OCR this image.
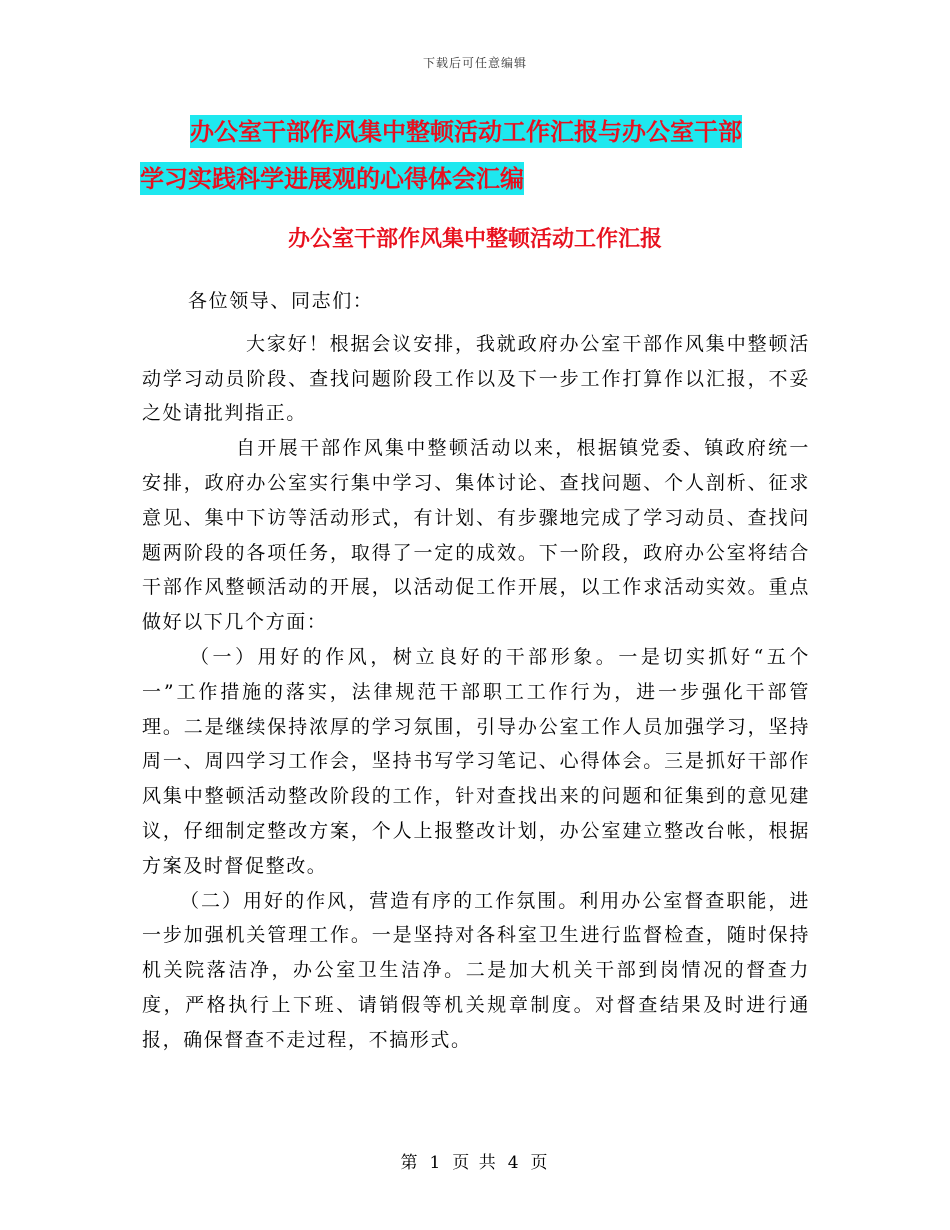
下载后可任意编辑
办公室干部作风集中整顿活动工作汇报与办公室干部
学习实践科学进展观的心得体会汇编
办公室干部作风集中整顿活动工作汇报

各位领导、同志们：

大家好！根据会议安排，我就政府办公室干部作风集中整顿活动学习动员阶段、查找问题阶段工作以及下一步工作打算作以汇报，不妥之处请批判指正。

自开展干部作风集中整顿活动以来，根据镇党委、镇政府统一安排，政府办公室实行集中学习、集体讨论、查找问题、个人剖析、征求意见、集中下访等活动形式，有计划、有步骤地完成了学习动员、查找问题两阶段的各项任务，取得了一定的成效。下一阶段，政府办公室将结合干部作风整顿活动的开展，以活动促工作开展，以工作求活动实效。重点做好以下几个方面：

（一）用好的作风，树立良好的干部形象。一是切实抓好“五个一”工作措施的落实，法律规范干部职工工作行为，进一步强化干部管理。二是继续保持浓厚的学习氛围，引导办公室工作人员加强学习，坚持周一、周四学习工作会，坚持书写学习笔记、心得体会。三是抓好干部作风集中整顿活动整改阶段的工作，针对查找出来的问题和征集到的意见建议，仔细制定整改方案，个人上报整改计划，办公室建立整改台帐，根据方案及时督促整改。

（二）用好的作风，营造有序的工作氛围。利用办公室督查职能，进一步加强机关管理工作。一是坚持对各科室卫生进行监督检查，随时保持机关院落洁净，办公室卫生洁净。二是加大机关干部到岗情况的督查力度，严格执行上下班、请销假等机关规章制度。对督查结果及时进行通报，确保督查不走过程，不搞形式。

第 1 页 共 4 页
